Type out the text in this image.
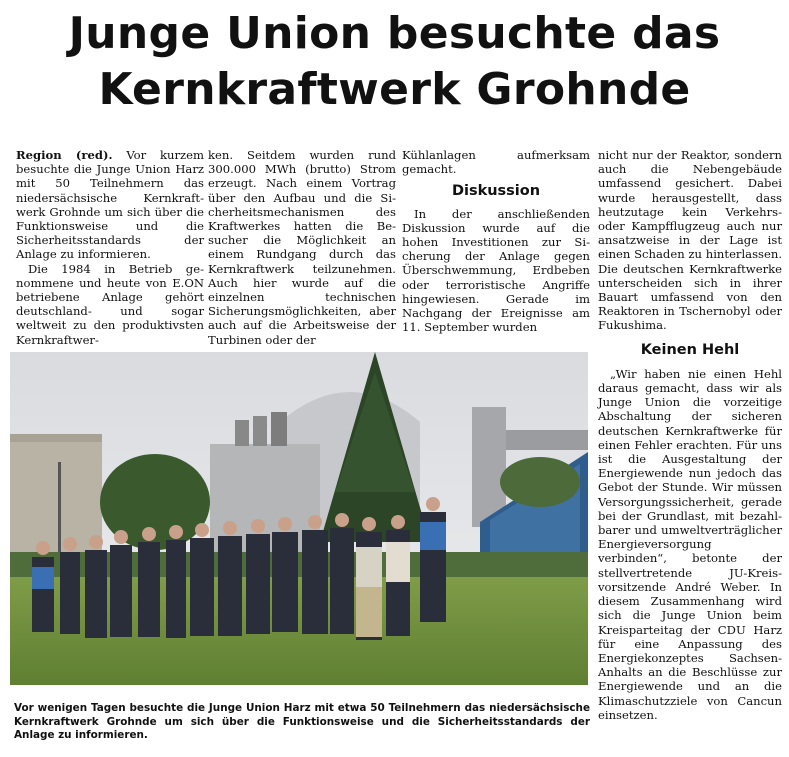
Junge Union besuchte das
Kernkraftwerk Grohnde

Region (red). Vor kurzem besuchte die Junge Union Harz mit 50 Teilnehmern das niedersächsische Kernkraftwerk Grohnde um sich über die Funktionsweise und die Sicherheitsstandards der Anlage zu informieren.

Die 1984 in Betrieb genommene und heute von E.ON betriebene Anlage gehört deutschland- und sogar weltweit zu den produktivsten Kernkraftwer-

ken. Seitdem wurden rund 300.000 MWh (brutto) Strom erzeugt. Nach einem Vortrag über den Aufbau und die Sicherheitsmechanismen des Kraftwerkes hatten die Besucher die Möglichkeit an einem Rundgang durch das Kernkraftwerk teilzunehmen. Auch hier wurde auf die einzelnen technischen Sicherungsmöglichkeiten, aber auch auf die Arbeitsweise der Turbinen oder der

Kühlanlagen aufmerksam gemacht.

Diskussion

In der anschließenden Diskussion wurde auf die hohen Investitionen zur Sicherung der Anlage gegen Überschwemmung, Erdbeben oder terroristische Angriffe hingewiesen. Gerade im Nachgang der Ereignisse am 11. September wurden

nicht nur der Reaktor, sondern auch die Nebengebäude umfassend gesichert. Dabei wurde herausgestellt, dass heutzutage kein Verkehrs- oder Kampfflugzeug auch nur ansatzweise in der Lage ist einen Schaden zu hinterlassen. Die deutschen Kernkraftwerke unterscheiden sich in ihrer Bauart umfassend von den Reaktoren in Tschernobyl oder Fukushima.

Keinen Hehl

„Wir haben nie einen Hehl daraus gemacht, dass wir als Junge Union die vorzeitige Abschaltung der sicheren deutschen Kernkraftwerke für einen Fehler erachten. Für uns ist die Ausgestaltung der Energiewende nun jedoch das Gebot der Stunde. Wir müssen Versorgungssicherheit, gerade bei der Grundlast, mit bezahlbarer und umweltverträglicher Energieversorgung verbinden“, betonte der stellvertretende JU-Kreisvorsitzende André Weber. In diesem Zusammenhang wird sich die Junge Union beim Kreisparteitag der CDU Harz für eine Anpassung des Energiekonzeptes Sachsen-Anhalts an die Beschlüsse zur Energiewende und an die Klimaschutzziele von Cancun einsetzen.

Vor wenigen Tagen besuchte die Junge Union Harz mit etwa 50 Teilnehmern das niedersächsische Kernkraftwerk Grohnde um sich über die Funktionsweise und die Sicherheitsstandards der Anlage zu informieren.
